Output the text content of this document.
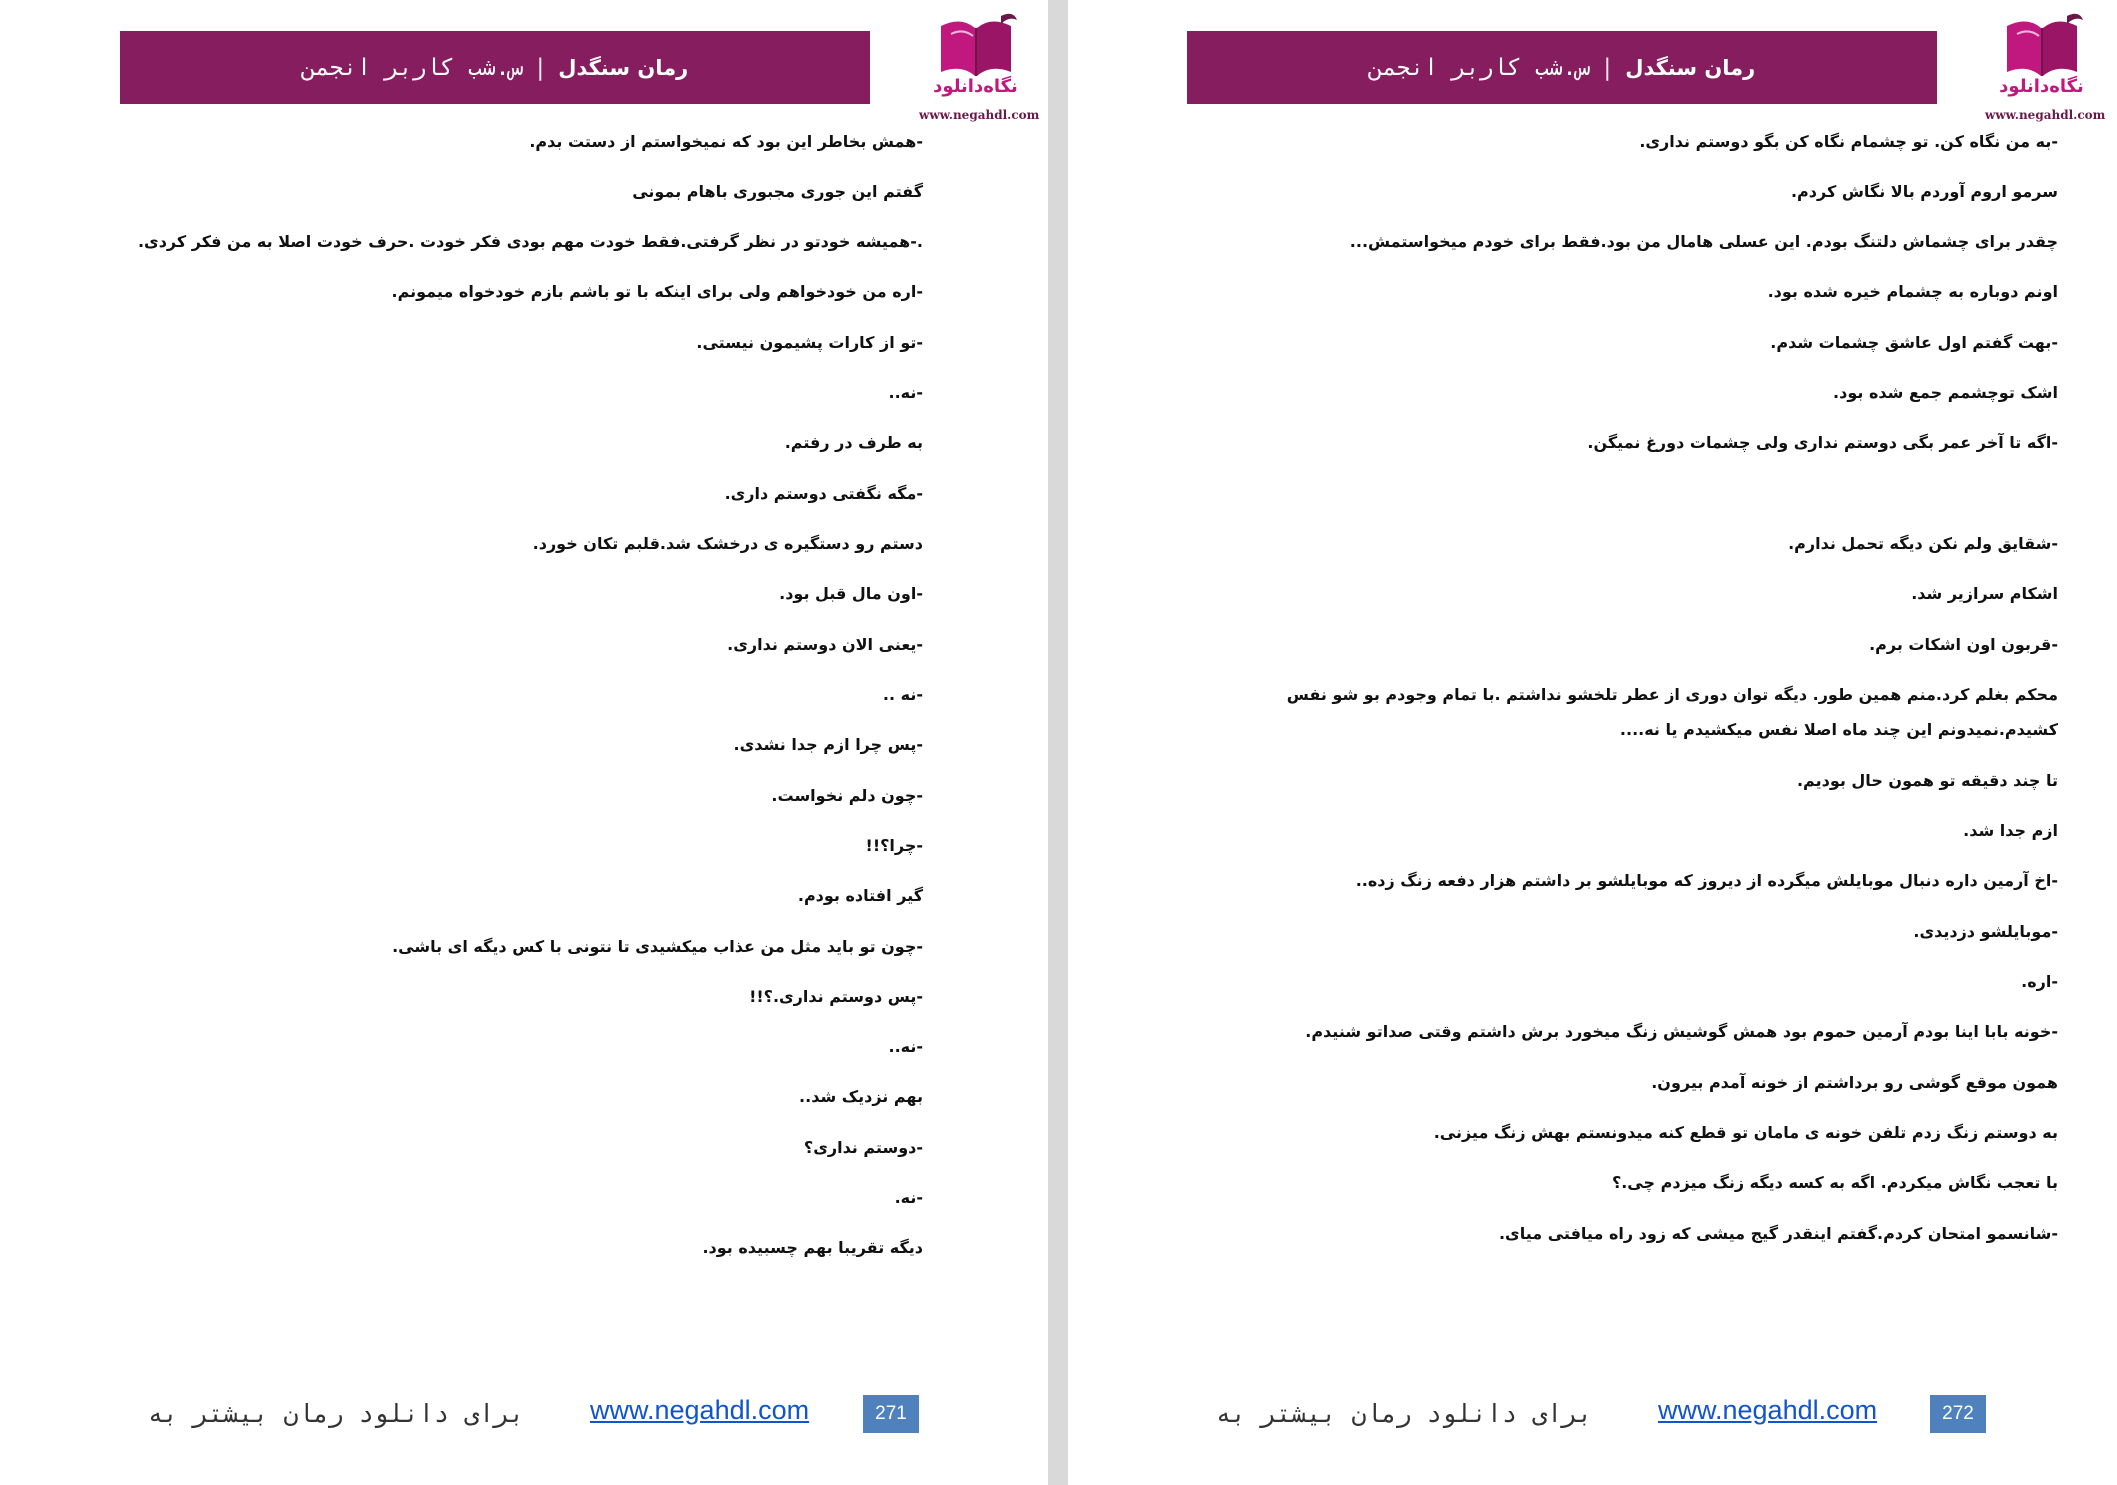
رمان سنگدل
|
س.شب کاربر انجمن
نگاه‌دانلود
www.negahdl.com
-همش بخاطر این بود که نمیخواستم از دستت بدم.
گفتم این جوری مجبوری باهام بمونی
.-همیشه خودتو در نظر گرفتی.فقط خودت مهم بودی فکر خودت .حرف خودت اصلا به من فکر کردی.
-اره من خودخواهم ولی برای اینکه با تو باشم بازم خودخواه میمونم.
-تو از کارات پشیمون نیستی.
-نه..
به طرف در رفتم.
-مگه نگفتی دوستم داری.
دستم رو دستگیره ی درخشک شد.قلبم تکان خورد.
-اون مال قبل بود.
-یعنی الان دوستم نداری.
-نه ..
-پس چرا ازم جدا نشدی.
-چون دلم نخواست.
-چرا؟!!
گیر افتاده بودم.
-چون تو باید مثل من عذاب میکشیدی تا نتونی با کس دیگه ای باشی.
-پس دوستم نداری.؟!!
-نه..
بهم نزدیک شد..
-دوستم نداری؟
-نه.
دیگه تقریبا بهم چسبیده بود.
برای دانلود رمان بیشتر به www.negahdl.com	271
رمان سنگدل
|
س.شب کاربر انجمن
نگاه‌دانلود
www.negahdl.com
-به من نگاه کن. تو چشمام نگاه کن بگو دوستم نداری.
سرمو اروم آوردم بالا نگاش کردم.
چقدر برای چشماش دلتنگ بودم. این عسلی هامال من بود.فقط برای خودم میخواستمش...
اونم دوباره به چشمام خیره شده بود.
-بهت گفتم اول عاشق چشمات شدم.
اشک توچشمم جمع شده بود.
-اگه تا آخر عمر بگی دوستم نداری ولی چشمات دورغ نمیگن.
-شقایق ولم نکن دیگه تحمل ندارم.
اشکام سرازیر شد.
-قربون اون اشکات برم.
محکم بغلم کرد.منم همین طور. دیگه توان دوری از عطر تلخشو نداشتم .با تمام وجودم بو شو نفس
کشیدم.نمیدونم این چند ماه اصلا نفس میکشیدم یا نه....
تا چند دقیقه تو همون حال بودیم.
ازم جدا شد.
-اخ آرمین داره دنبال موبایلش میگرده از دیروز که موبایلشو بر داشتم هزار دفعه زنگ زده..
-موبایلشو دزدیدی.
-اره.
-خونه بابا اینا بودم آرمین حموم بود همش گوشیش زنگ میخورد برش داشتم وقتی صداتو شنیدم.
همون موقع گوشی رو برداشتم از خونه آمدم بیرون.
به دوستم زنگ زدم تلفن خونه ی مامان تو قطع کنه میدونستم بهش زنگ میزنی.
با تعجب نگاش میکردم. اگه به کسه دیگه زنگ میزدم چی.؟
-شانسمو امتحان کردم.گفتم اینقدر گیج میشی که زود راه میافتی میای.
برای دانلود رمان بیشتر به www.negahdl.com	272
